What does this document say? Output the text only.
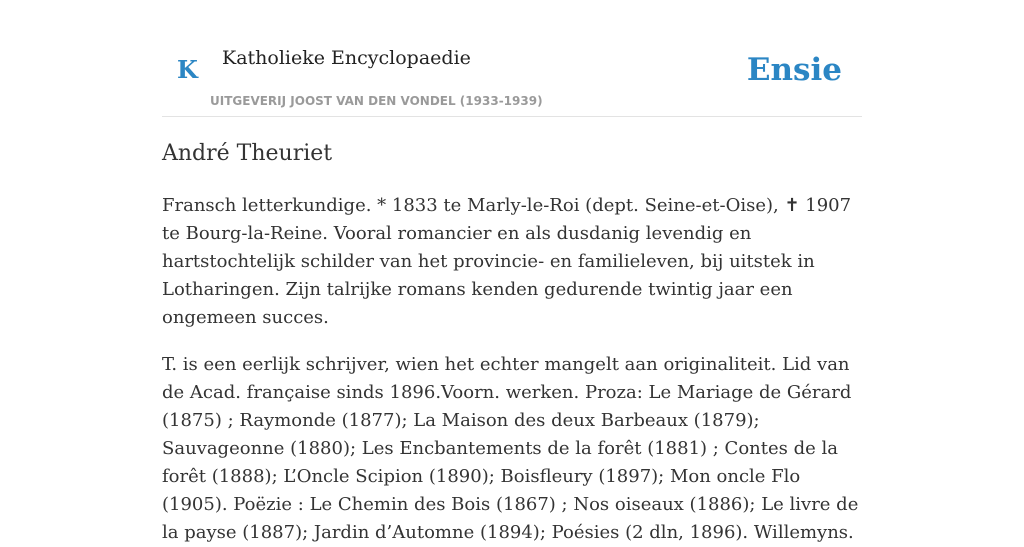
K Katholieke Encyclopaedie
UITGEVERIJ JOOST VAN DEN VONDEL (1933-1939)
Ensie
André Theuriet

Fransch letterkundige. * 1833 te Marly-le-Roi (dept. Seine-et-Oise), ✝ 1907 te Bourg-la-Reine. Vooral romancier en als dusdanig levendig en hartstochtelijk schilder van het provincie- en familieleven, bij uitstek in Lotharingen. Zijn talrijke romans kenden gedurende twintig jaar een ongemeen succes.

T. is een eerlijk schrijver, wien het echter mangelt aan originaliteit. Lid van de Acad. française sinds 1896.Voorn. werken. Proza: Le Mariage de Gérard (1875) ; Raymonde (1877); La Maison des deux Barbeaux (1879); Sauvageonne (1880); Les Encbantements de la forêt (1881) ; Contes de la forêt (1888); L’Oncle Scipion (1890); Boisfleury (1897); Mon oncle Flo (1905). Poëzie : Le Chemin des Bois (1867) ; Nos oiseaux (1886); Le livre de la payse (1887); Jardin d’Automne (1894); Poésies (2 dln, 1896). Willemyns.
